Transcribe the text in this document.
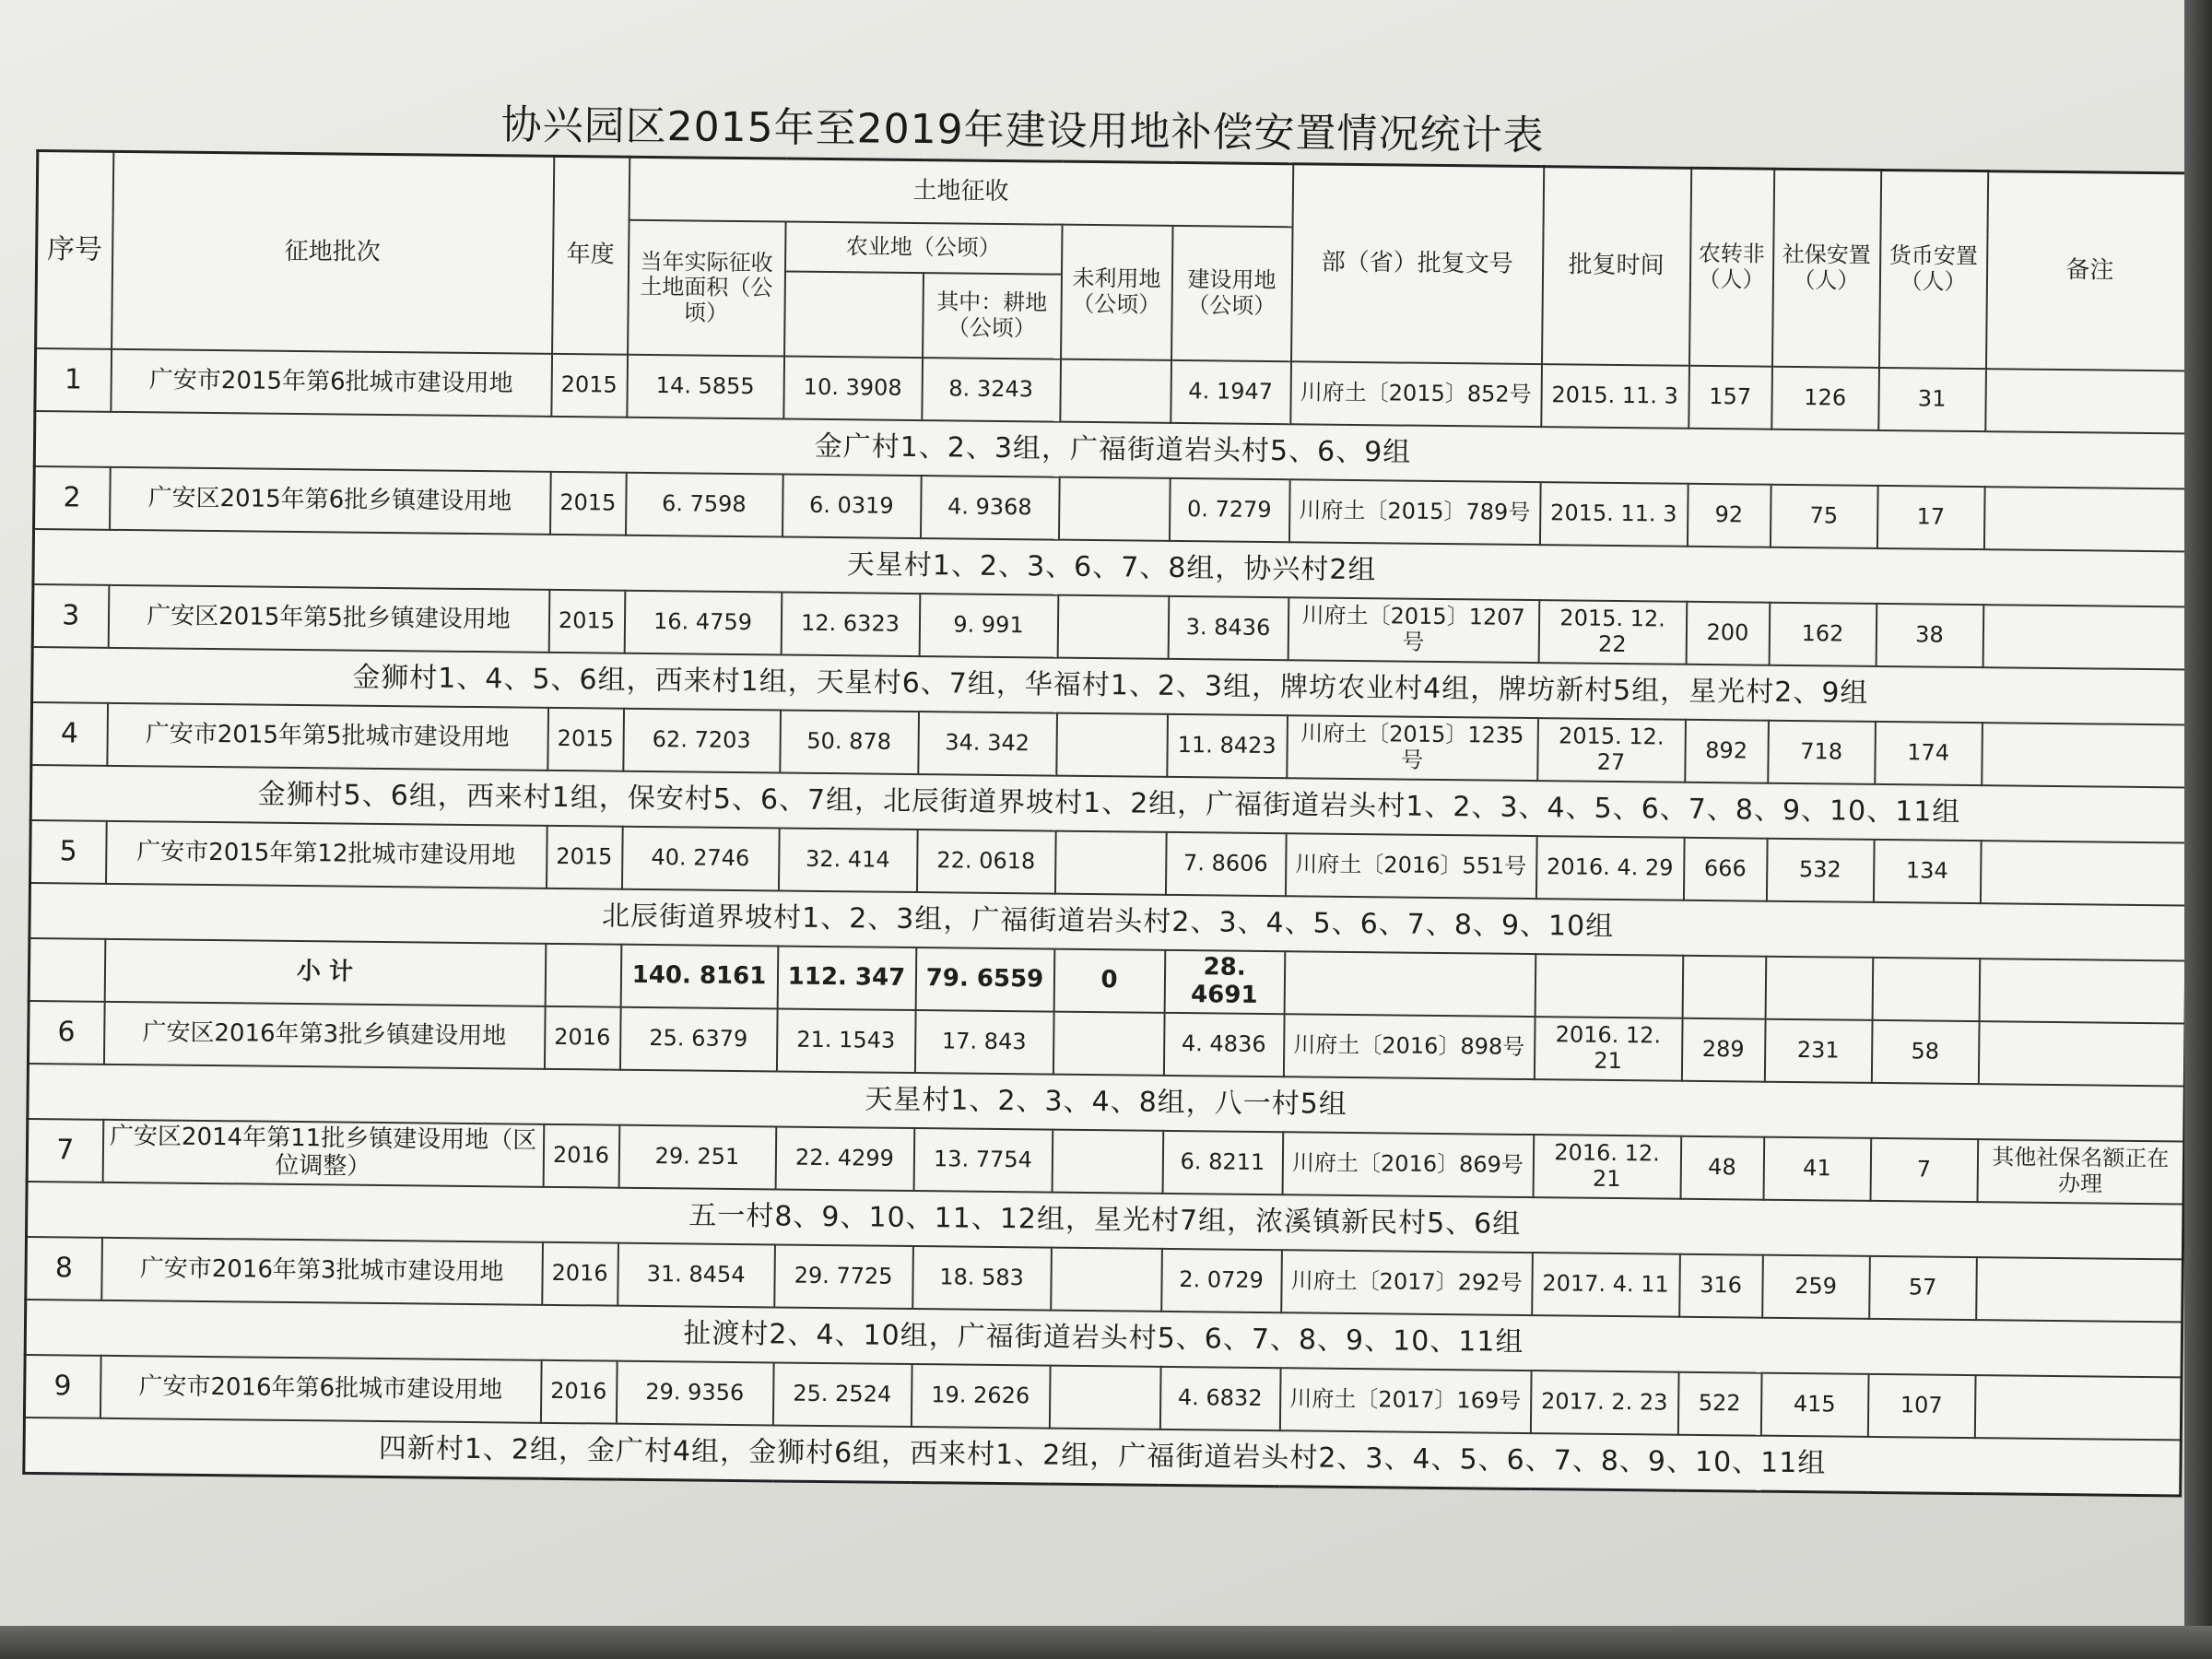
协兴园区2015年至2019年建设用地补偿安置情况统计表
序号	征地批次	年度	土地征收					部（省）批复文号	批复时间	农转非（人）	社保安置（人）	货币安置（人）	备注
			当年实际征收土地面积（公顷）	农业地（公顷）		未利用地（公顷）	建设用地（公顷）						
					其中：耕地（公顷）								
1	广安市2015年第6批城市建设用地	2015	14. 5855	10. 3908	8. 3243		4. 1947	川府土〔2015〕852号	2015. 11. 3	157	126	31	
金广村1、2、3组，广福街道岩头村5、6、9组													
2	广安区2015年第6批乡镇建设用地	2015	6. 7598	6. 0319	4. 9368		0. 7279	川府土〔2015〕789号	2015. 11. 3	92	75	17	
天星村1、2、3、6、7、8组，协兴村2组													
3	广安区2015年第5批乡镇建设用地	2015	16. 4759	12. 6323	9. 991		3. 8436	川府土〔2015〕1207号	2015. 12. 22	200	162	38	
金狮村1、4、5、6组，西来村1组，天星村6、7组，华福村1、2、3组，牌坊农业村4组，牌坊新村5组，星光村2、9组													
4	广安市2015年第5批城市建设用地	2015	62. 7203	50. 878	34. 342		11. 8423	川府土〔2015〕1235号	2015. 12. 27	892	718	174	
金狮村5、6组，西来村1组，保安村5、6、7组，北辰街道界坡村1、2组，广福街道岩头村1、2、3、4、5、6、7、8、9、10、11组													
5	广安市2015年第12批城市建设用地	2015	40. 2746	32. 414	22. 0618		7. 8606	川府土〔2016〕551号	2016. 4. 29	666	532	134	
北辰街道界坡村1、2、3组，广福街道岩头村2、3、4、5、6、7、8、9、10组													
	小 计		140. 8161	112. 347	79. 6559	0	28. 4691						
6	广安区2016年第3批乡镇建设用地	2016	25. 6379	21. 1543	17. 843		4. 4836	川府土〔2016〕898号	2016. 12. 21	289	231	58	
天星村1、2、3、4、8组，八一村5组													
7	广安区2014年第11批乡镇建设用地（区位调整）	2016	29. 251	22. 4299	13. 7754		6. 8211	川府土〔2016〕869号	2016. 12. 21	48	41	7	其他社保名额正在办理
五一村8、9、10、11、12组，星光村7组，浓溪镇新民村5、6组													
8	广安市2016年第3批城市建设用地	2016	31. 8454	29. 7725	18. 583		2. 0729	川府土〔2017〕292号	2017. 4. 11	316	259	57	
扯渡村2、4、10组，广福街道岩头村5、6、7、8、9、10、11组													
9	广安市2016年第6批城市建设用地	2016	29. 9356	25. 2524	19. 2626		4. 6832	川府土〔2017〕169号	2017. 2. 23	522	415	107	
四新村1、2组，金广村4组，金狮村6组，西来村1、2组，广福街道岩头村2、3、4、5、6、7、8、9、10、11组													
